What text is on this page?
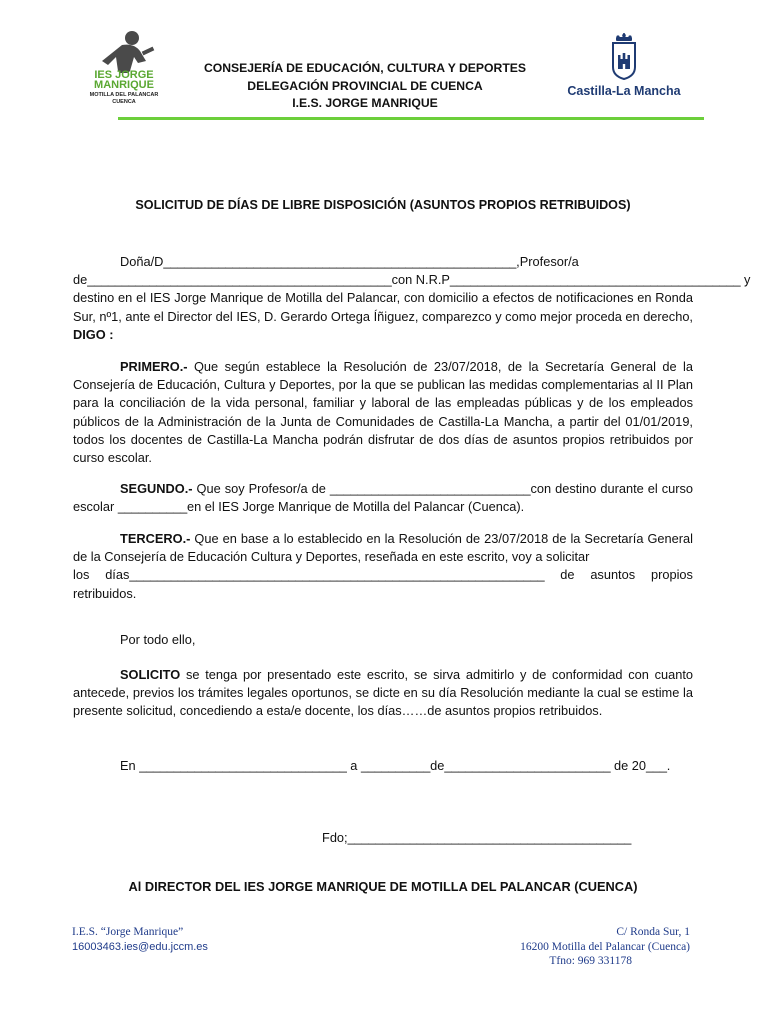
IES JORGE
MANRIQUE
MOTILLA DEL PALANCAR
CUENCA
CONSEJERÍA DE EDUCACIÓN, CULTURA Y DEPORTES
DELEGACIÓN PROVINCIAL DE CUENCA
I.E.S. JORGE MANRIQUE
Castilla-La Mancha
SOLICITUD DE DÍAS DE LIBRE DISPOSICIÓN (ASUNTOS PROPIOS RETRIBUIDOS)
Doña/D___________________________________________________,Profesor/a
de____________________________________________con N.R.P__________________________________________ y
destino en el IES Jorge Manrique de Motilla del Palancar, con domicilio a efectos de notificaciones en Ronda Sur, nº1, ante el Director del IES, D. Gerardo Ortega Íñiguez, comparezco y como mejor proceda en derecho, DIGO :
PRIMERO.- Que según establece la Resolución de 23/07/2018, de la Secretaría General de la Consejería de Educación, Cultura y Deportes, por la que se publican las medidas complementarias al II Plan para la conciliación de la vida personal, familiar y laboral de las empleadas públicas y de los empleados públicos de la Administración de la Junta de Comunidades de Castilla-La Mancha, a partir del 01/01/2019, todos los docentes de Castilla-La Mancha podrán disfrutar de dos días de asuntos propios retribuidos por curso escolar.
SEGUNDO.- Que soy Profesor/a de _____________________________con destino durante el curso escolar __________en el IES Jorge Manrique de Motilla del Palancar (Cuenca).
TERCERO.- Que en base a lo establecido en la Resolución de 23/07/2018 de la Secretaría General de la Consejería de Educación Cultura y Deportes, reseñada en este escrito, voy a solicitar
los días____________________________________________________________ de asuntos propios
retribuidos.
Por todo ello,
SOLICITO se tenga por presentado este escrito, se sirva admitirlo y de conformidad con cuanto antecede, previos los trámites legales oportunos, se dicte en su día Resolución mediante la cual se estime la presente solicitud, concediendo a esta/e docente, los días……de asuntos propios retribuidos.
En ______________________________ a __________de________________________ de 20___.
Fdo;_________________________________________
Al DIRECTOR DEL IES JORGE MANRIQUE DE MOTILLA DEL PALANCAR (CUENCA)
I.E.S. “Jorge Manrique”
16003463.ies@edu.jccm.es
C/ Ronda Sur, 1
16200 Motilla del Palancar (Cuenca)
Tfno: 969 331178
